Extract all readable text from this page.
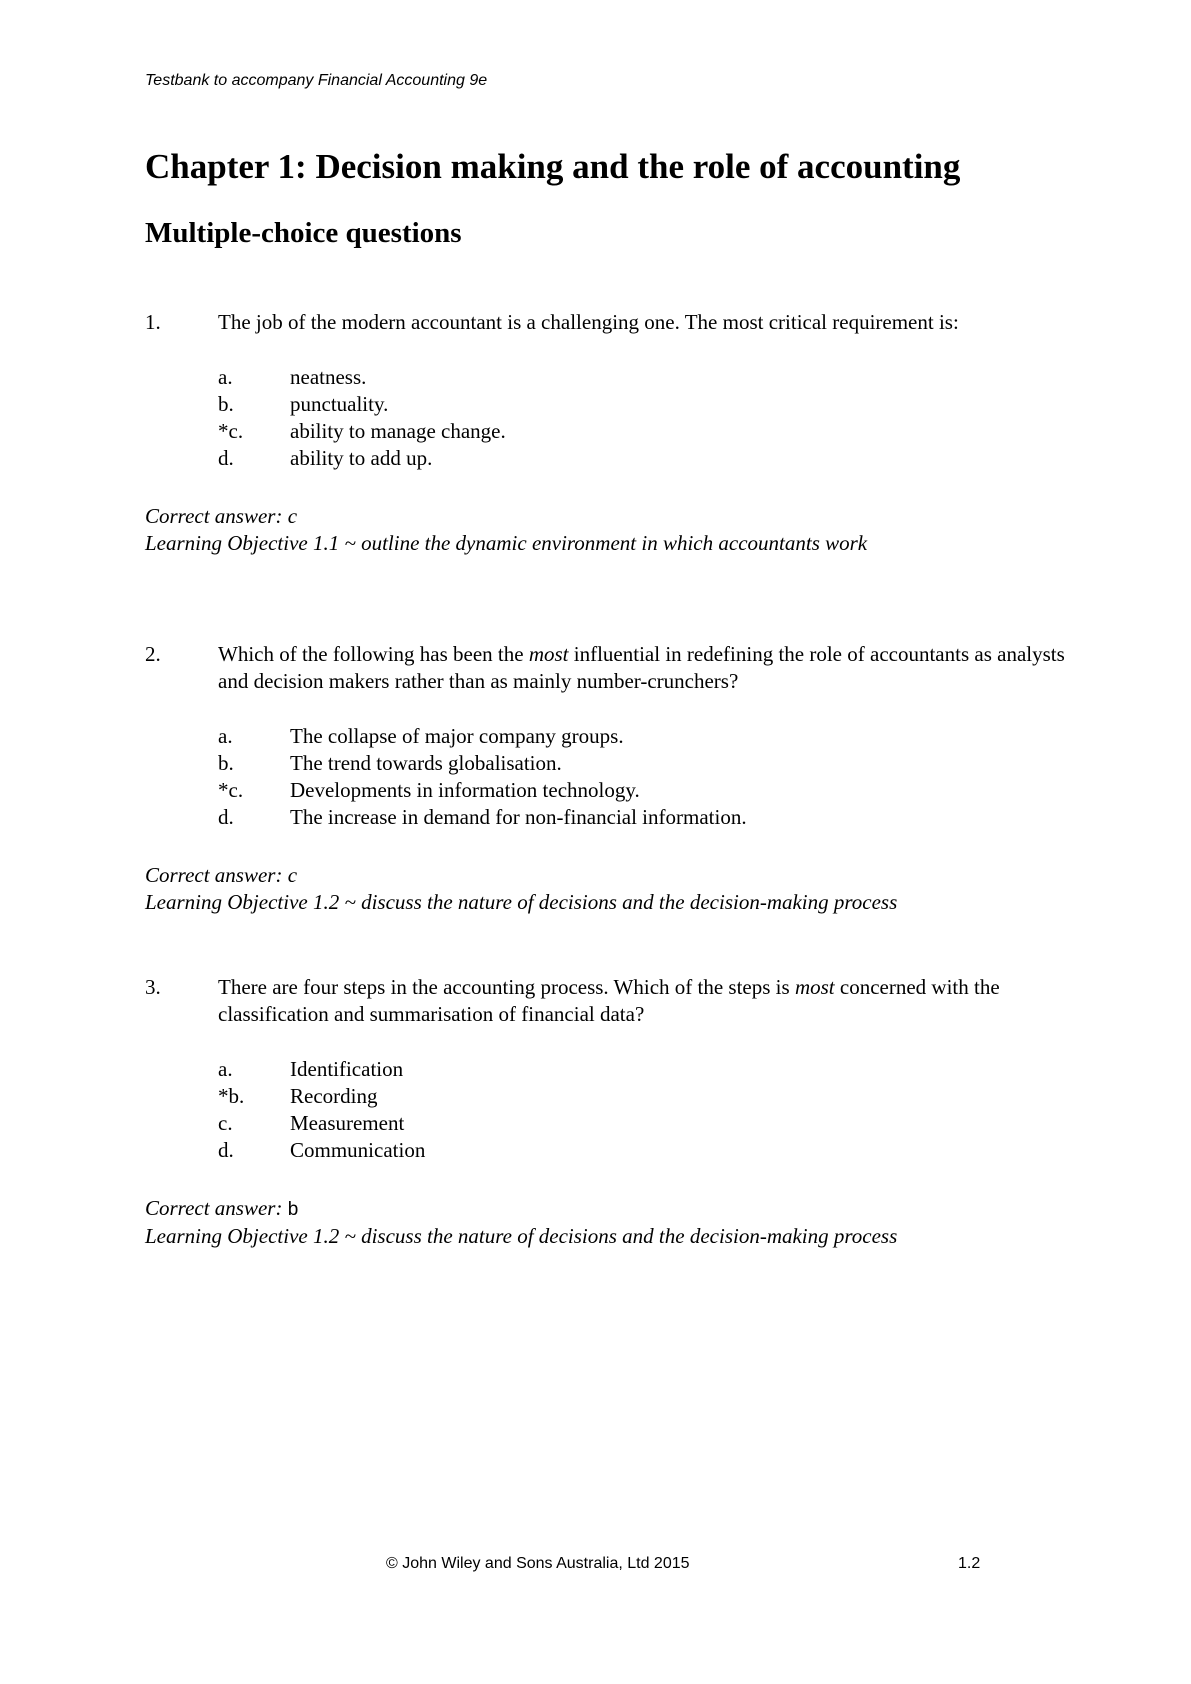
Testbank to accompany Financial Accounting 9e
Chapter 1: Decision making and the role of accounting
Multiple-choice questions
1.	The job of the modern accountant is a challenging one. The most critical requirement is:
a.	neatness.
b.	punctuality.
*c. ability to manage change.
d.	ability to add up.
Correct answer: c
Learning Objective 1.1 ~ outline the dynamic environment in which accountants work
2.	Which of the following has been the most influential in redefining the role of accountants as analysts and decision makers rather than as mainly number-crunchers?
a.	The collapse of major company groups.
b.	The trend towards globalisation.
*c. Developments in information technology.
d.	The increase in demand for non-financial information.
Correct answer: c
Learning Objective 1.2 ~ discuss the nature of decisions and the decision-making process
3.	There are four steps in the accounting process. Which of the steps is most concerned with the classification and summarisation of financial data?
a.	Identification
*b. Recording
c.	Measurement
d.	Communication
Correct answer: b
Learning Objective 1.2 ~ discuss the nature of decisions and the decision-making process
© John Wiley and Sons Australia, Ltd 2015	1.2
